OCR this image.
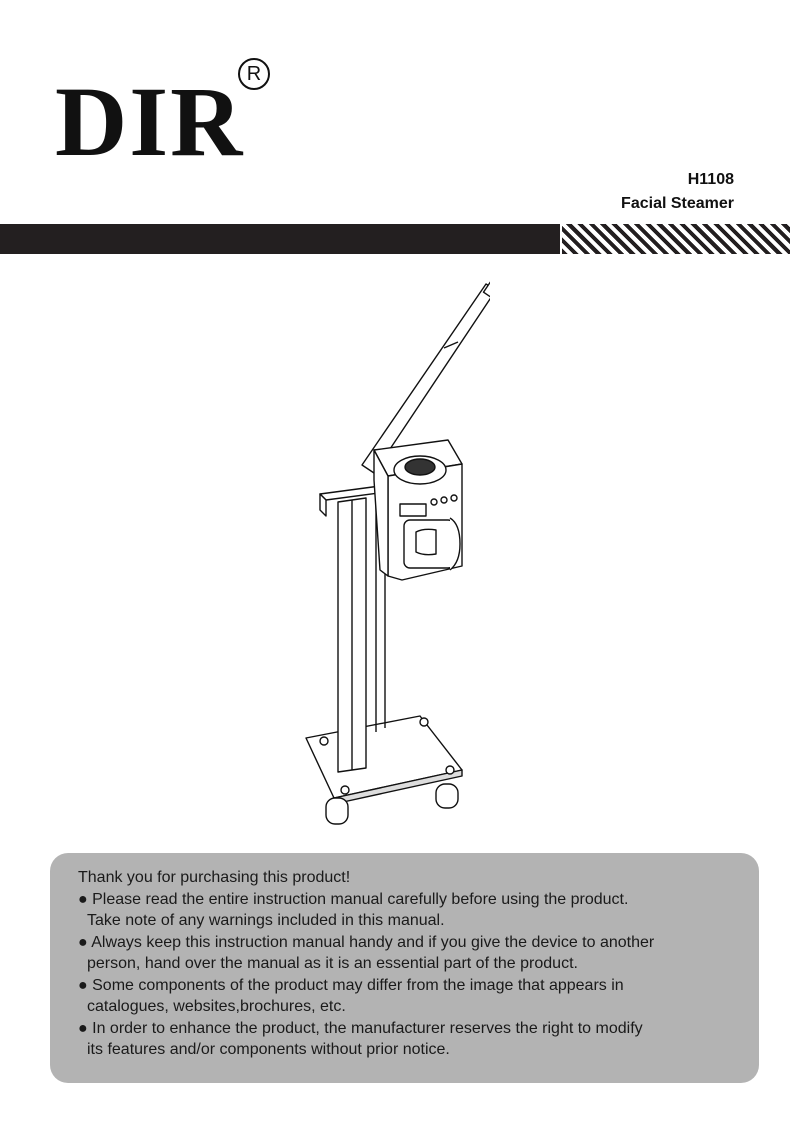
DIR R
H1108
Facial Steamer

Thank you for purchasing this product!

● Please read the entire instruction manual carefully before using the product.

Take note of any warnings included in this manual.

● Always keep this instruction manual handy and if you give the device to another

person, hand over the manual as it is an essential part of the product.

● Some components of the product may differ from the image that appears in

catalogues, websites,brochures, etc.

● In order to enhance the product, the manufacturer reserves the right to modify

its features and/or components without prior notice.
